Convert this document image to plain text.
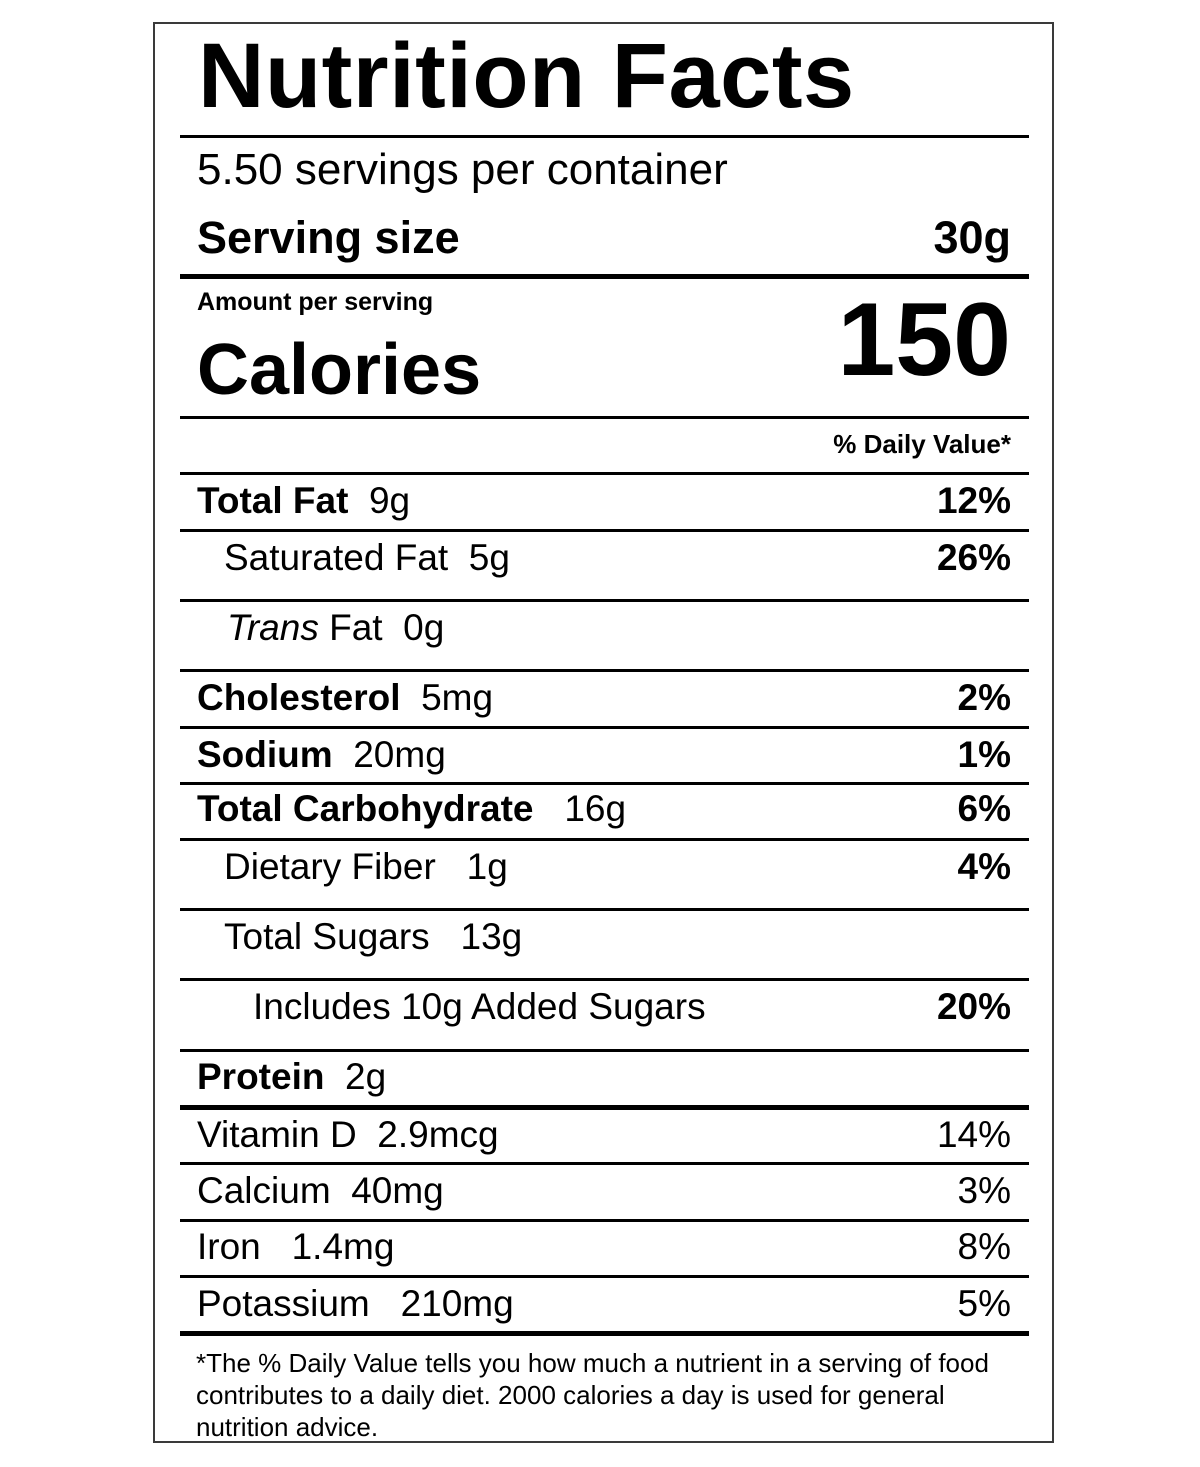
Nutrition Facts
5.50 servings per container
Serving size	30g
Amount per serving
Calories	150
% Daily Value*
Total Fat 9g	12%
Saturated Fat 5g	26%
Trans Fat 0g
Cholesterol 5mg	2%
Sodium 20mg	1%
Total Carbohydrate 16g	6%
Dietary Fiber 1g	4%
Total Sugars 13g
Includes 10g Added Sugars	20%
Protein 2g
Vitamin D 2.9mcg	14%
Calcium 40mg	3%
Iron 1.4mg	8%
Potassium 210mg	5%
*The % Daily Value tells you how much a nutrient in a serving of food contributes to a daily diet. 2000 calories a day is used for general nutrition advice.
